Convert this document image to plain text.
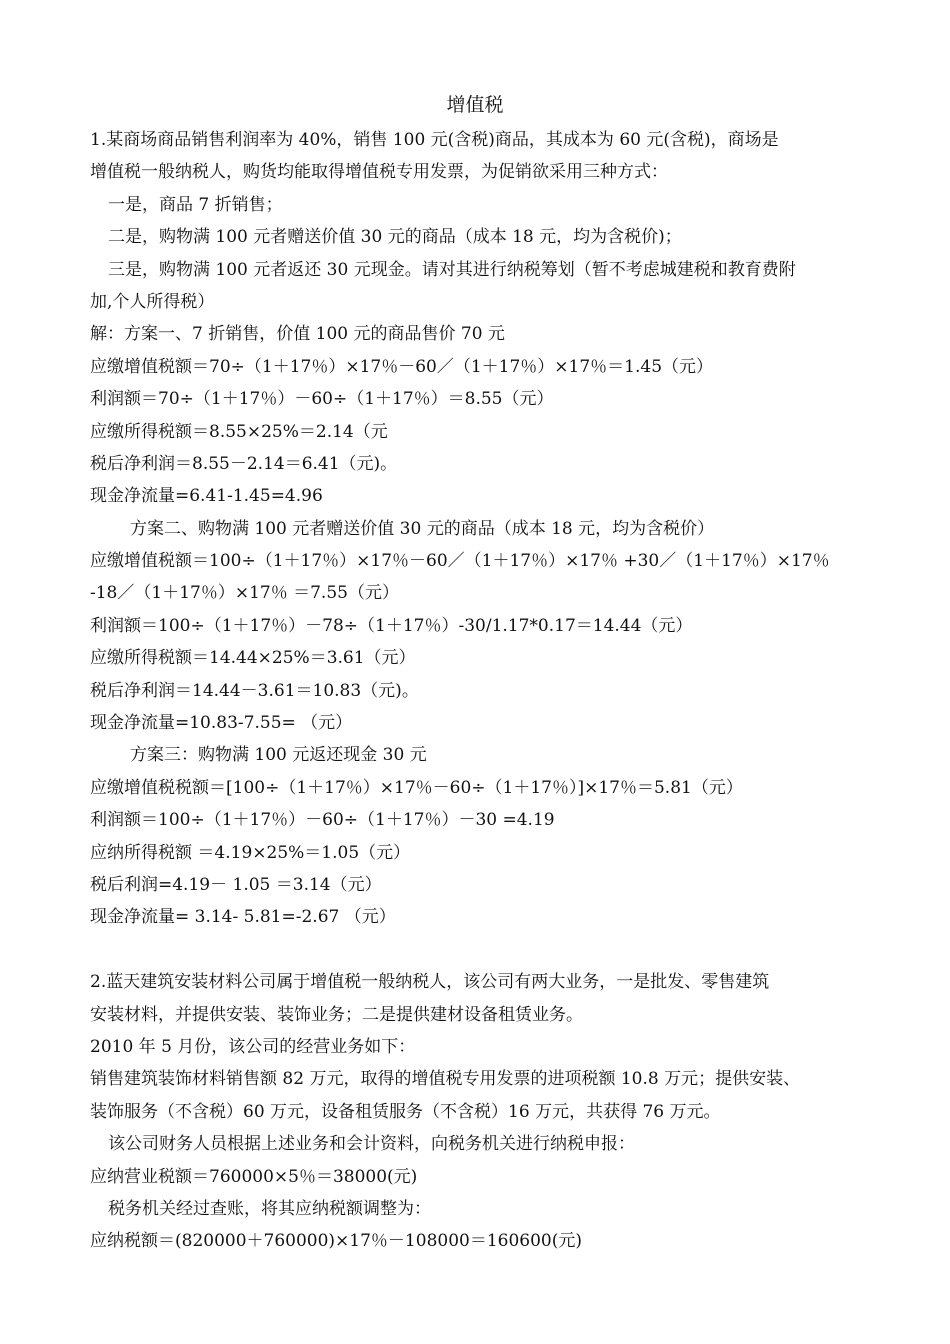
增值税
1.某商场商品销售利润率为 40%，销售 100 元(含税)商品，其成本为 60 元(含税)，商场是
增值税一般纳税人，购货均能取得增值税专用发票，为促销欲采用三种方式：
一是，商品 7 折销售；
二是，购物满 100 元者赠送价值 30 元的商品（成本 18 元，均为含税价)；
三是，购物满 100 元者返还 30 元现金。请对其进行纳税筹划（暂不考虑城建税和教育费附
加,个人所得税）
解：方案一、7 折销售，价值 100 元的商品售价 70 元
应缴增值税额＝70÷（1＋17％）×17％－60／（1＋17％）×17％＝1.45（元）
利润额＝70÷（1＋17％）－60÷（1＋17％）＝8.55（元）
应缴所得税额＝8.55×25%＝2.14（元
税后净利润＝8.55－2.14＝6.41（元)。
现金净流量=6.41-1.45=4.96
方案二、购物满 100 元者赠送价值 30 元的商品（成本 18 元，均为含税价）
应缴增值税额＝100÷（1＋17％）×17％－60／（1＋17％）×17％ +30／（1＋17％）×17％
-18／（1＋17％）×17％ ＝7.55（元）
利润额＝100÷（1＋17％）－78÷（1＋17％）-30/1.17*0.17＝14.44（元）
应缴所得税额＝14.44×25%＝3.61（元）
税后净利润＝14.44－3.61＝10.83（元)。
现金净流量=10.83-7.55= （元）
方案三：购物满 100 元返还现金 30 元
应缴增值税税额＝[100÷（1＋17％）×17％－60÷（1＋17％）]×17％＝5.81（元）
利润额＝100÷（1＋17％）－60÷（1＋17％）－30 =4.19
应纳所得税额 ＝4.19×25%＝1.05（元）
税后利润=4.19－ 1.05 ＝3.14（元）
现金净流量= 3.14- 5.81=-2.67 （元）
2.蓝天建筑安装材料公司属于增值税一般纳税人，该公司有两大业务，一是批发、零售建筑
安装材料，并提供安装、装饰业务；二是提供建材设备租赁业务。
2010 年 5 月份，该公司的经营业务如下：
销售建筑装饰材料销售额 82 万元，取得的增值税专用发票的进项税额 10.8 万元；提供安装、
装饰服务（不含税）60 万元，设备租赁服务（不含税）16 万元，共获得 76 万元。
该公司财务人员根据上述业务和会计资料，向税务机关进行纳税申报：
应纳营业税额＝760000×5％＝38000(元)
税务机关经过查账，将其应纳税额调整为：
应纳税额＝(820000＋760000)×17％－108000＝160600(元)
